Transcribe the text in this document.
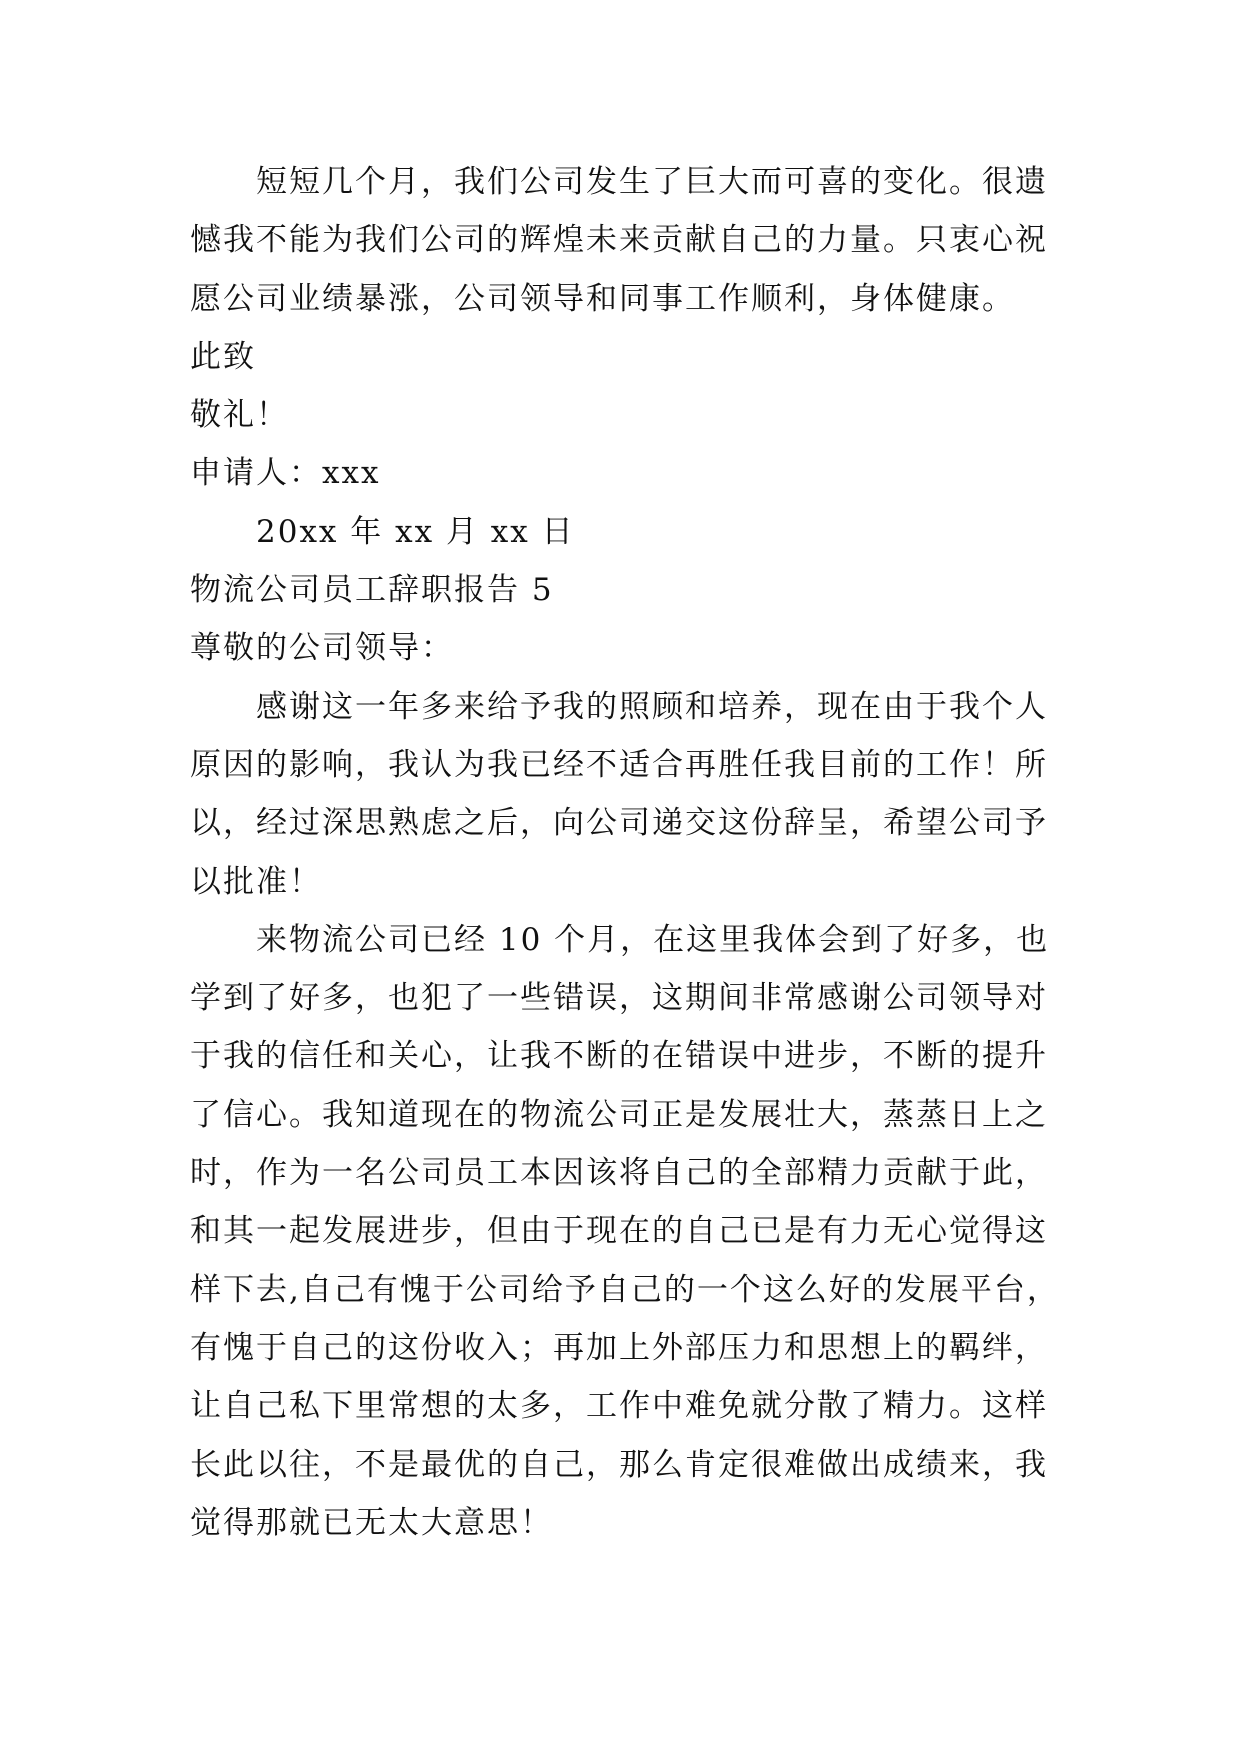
短短几个月，我们公司发生了巨大而可喜的变化。很遗
憾我不能为我们公司的辉煌未来贡献自己的力量。只衷心祝
愿公司业绩暴涨，公司领导和同事工作顺利，身体健康。
此致
敬礼！
申请人：xxx
20xx 年 xx 月 xx 日
物流公司员工辞职报告 5
尊敬的公司领导：
感谢这一年多来给予我的照顾和培养，现在由于我个人
原因的影响，我认为我已经不适合再胜任我目前的工作！所
以，经过深思熟虑之后，向公司递交这份辞呈，希望公司予
以批准！
来物流公司已经 10 个月，在这里我体会到了好多，也
学到了好多，也犯了一些错误，这期间非常感谢公司领导对
于我的信任和关心，让我不断的在错误中进步，不断的提升
了信心。我知道现在的物流公司正是发展壮大，蒸蒸日上之
时，作为一名公司员工本因该将自己的全部精力贡献于此，
和其一起发展进步，但由于现在的自己已是有力无心觉得这
样下去,自己有愧于公司给予自己的一个这么好的发展平台，
有愧于自己的这份收入；再加上外部压力和思想上的羁绊，
让自己私下里常想的太多，工作中难免就分散了精力。这样
长此以往，不是最优的自己，那么肯定很难做出成绩来，我
觉得那就已无太大意思！
